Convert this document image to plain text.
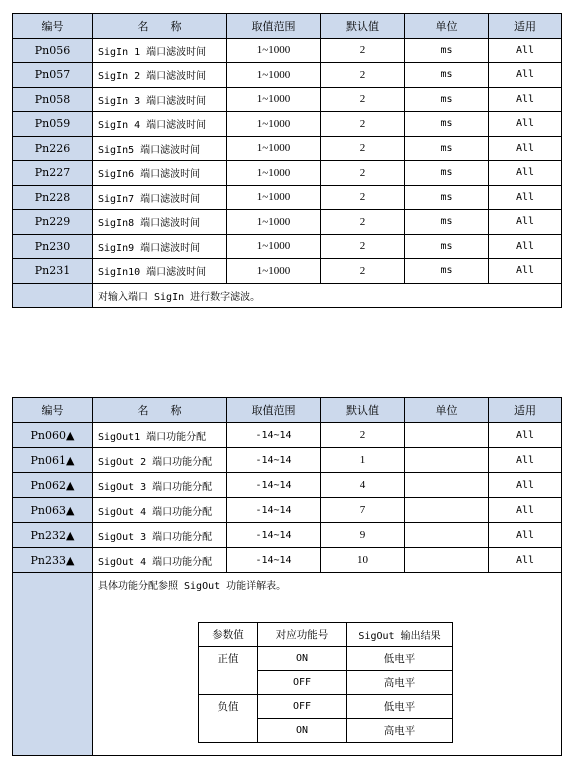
编号	名　　称	取值范围	默认值	单位	适用
Pn056	SigIn 1 端口滤波时间	1~1000	2	ms	All
Pn057	SigIn 2 端口滤波时间	1~1000	2	ms	All
Pn058	SigIn 3 端口滤波时间	1~1000	2	ms	All
Pn059	SigIn 4 端口滤波时间	1~1000	2	ms	All
Pn226	SigIn5 端口滤波时间	1~1000	2	ms	All
Pn227	SigIn6 端口滤波时间	1~1000	2	ms	All
Pn228	SigIn7 端口滤波时间	1~1000	2	ms	All
Pn229	SigIn8 端口滤波时间	1~1000	2	ms	All
Pn230	SigIn9 端口滤波时间	1~1000	2	ms	All
Pn231	SigIn10 端口滤波时间	1~1000	2	ms	All
	对输入端口 SigIn 进行数字滤波。				
编号	名　　称	取值范围	默认值	单位	适用
Pn060▲	SigOut1 端口功能分配	-14~14	2		All
Pn061▲	SigOut 2 端口功能分配	-14~14	1		All
Pn062▲	SigOut 3 端口功能分配	-14~14	4		All
Pn063▲	SigOut 4 端口功能分配	-14~14	7		All
Pn232▲	SigOut 3 端口功能分配	-14~14	9		All
Pn233▲	SigOut 4 端口功能分配	-14~14	10		All
	具体功能分配参照 SigOut 功能详解表。				
参数值	对应功能号	SigOut 输出结果
正值	ON	低电平
	OFF	高电平
负值	OFF	低电平
	ON	高电平
